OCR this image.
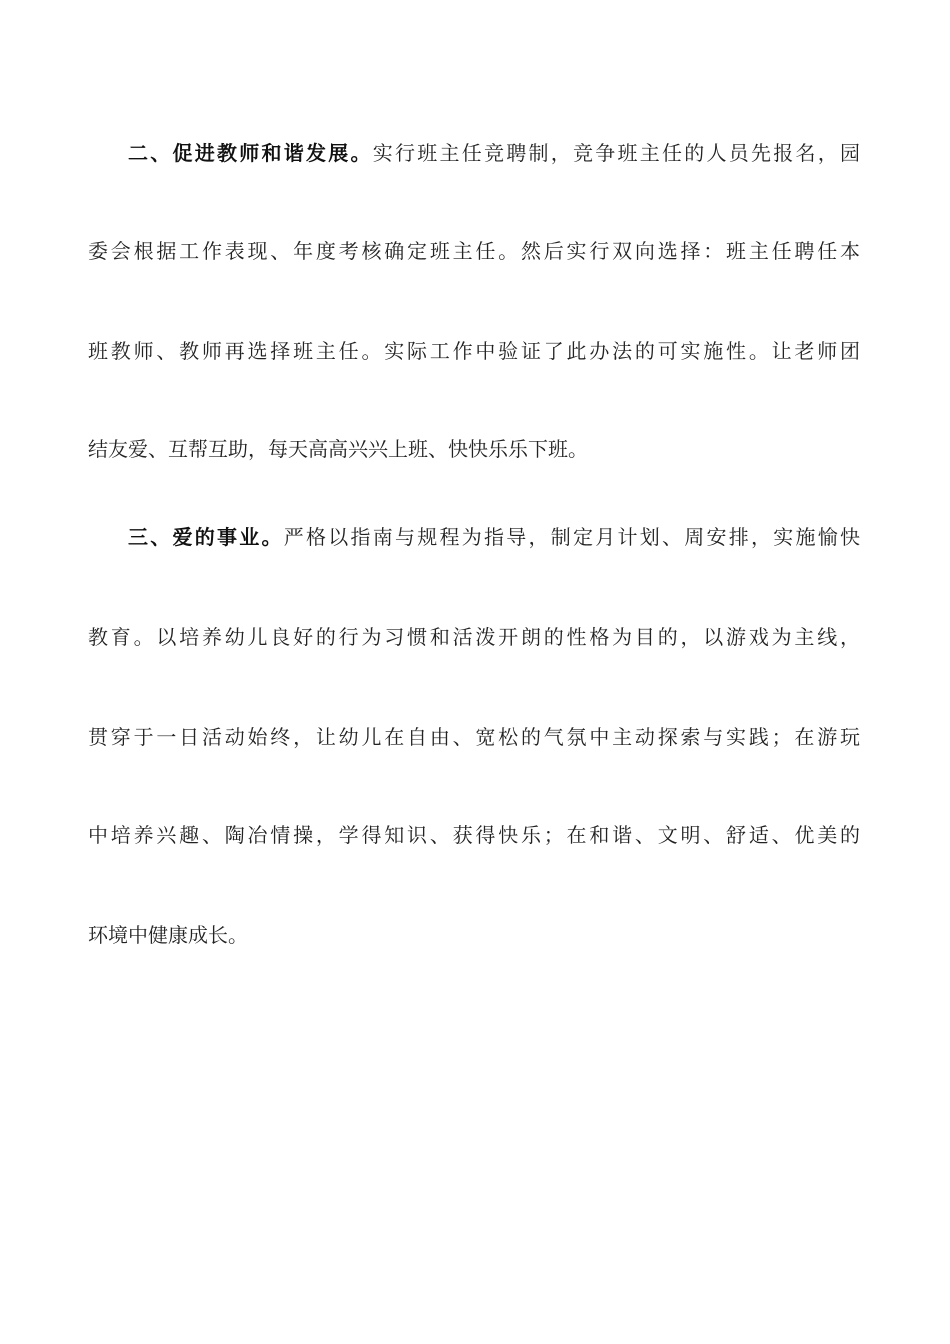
二、促进教师和谐发展。实行班主任竞聘制，竞争班主任的人员先报名，园
委会根据工作表现、年度考核确定班主任。然后实行双向选择：班主任聘任本
班教师、教师再选择班主任。实际工作中验证了此办法的可实施性。让老师团
结友爱、互帮互助，每天高高兴兴上班、快快乐乐下班。
三、爱的事业。严格以指南与规程为指导，制定月计划、周安排，实施愉快
教育。以培养幼儿良好的行为习惯和活泼开朗的性格为目的，以游戏为主线，
贯穿于一日活动始终，让幼儿在自由、宽松的气氛中主动探索与实践；在游玩
中培养兴趣、陶冶情操，学得知识、获得快乐；在和谐、文明、舒适、优美的
环境中健康成长。
